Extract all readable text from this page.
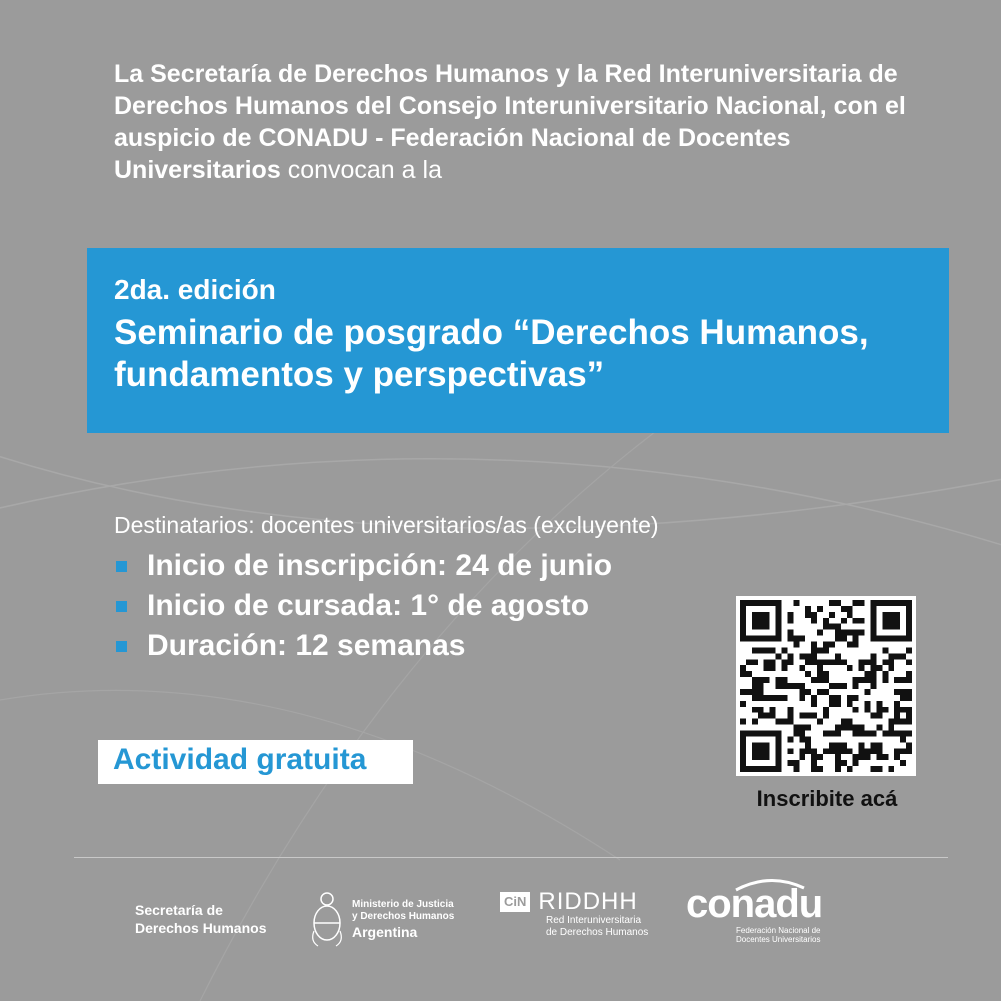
La Secretaría de Derechos Humanos y la Red Interuniversitaria de Derechos Humanos del Consejo Interuniversitario Nacional, con el auspicio de CONADU - Federación Nacional de Docentes Universitarios convocan a la
2da. edición
Seminario de posgrado “Derechos Humanos, fundamentos y perspectivas”
Destinatarios: docentes universitarios/as (excluyente)
Inicio de inscripción: 24 de junio
Inicio de cursada: 1° de agosto
Duración: 12 semanas
Actividad gratuita
Inscribite acá
Secretaría de
Derechos Humanos
Ministerio de Justicia
y Derechos Humanos
Argentina
CiN RIDDHH
Red Interuniversitaria
de Derechos Humanos
conadu
Federación Nacional de
Docentes Universitarios
